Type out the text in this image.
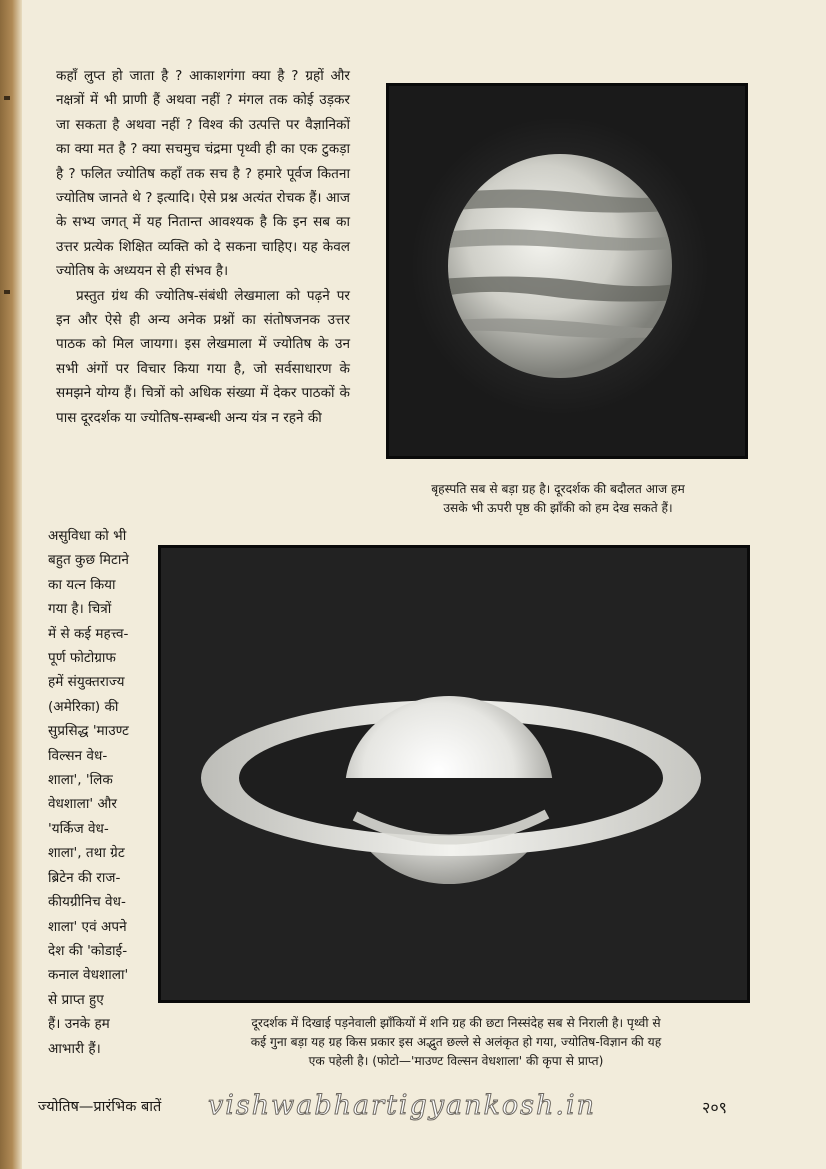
कहाँ लुप्त हो जाता है ? आकाशगंगा क्या है ? ग्रहों और नक्षत्रों में भी प्राणी हैं अथवा नहीं ? मंगल तक कोई उड़कर जा सकता है अथवा नहीं ? विश्व की उत्पत्ति पर वैज्ञानिकों का क्या मत है ? क्या सचमुच चंद्रमा पृथ्वी ही का एक टुकड़ा है ? फलित ज्योतिष कहाँ तक सच है ? हमारे पूर्वज कितना ज्योतिष जानते थे ? इत्यादि। ऐसे प्रश्न अत्यंत रोचक हैं। आज के सभ्य जगत् में यह नितान्त आवश्यक है कि इन सब का उत्तर प्रत्येक शिक्षित व्यक्ति को दे सकना चाहिए। यह केवल ज्योतिष के अध्ययन से ही संभव है।

प्रस्तुत ग्रंथ की ज्योतिष-संबंधी लेखमाला को पढ़ने पर इन और ऐसे ही अन्य अनेक प्रश्नों का संतोषजनक उत्तर पाठक को मिल जायगा। इस लेखमाला में ज्योतिष के उन सभी अंगों पर विचार किया गया है, जो सर्वसाधारण के समझने योग्य हैं। चित्रों को अधिक संख्या में देकर पाठकों के पास दूरदर्शक या ज्योतिष-सम्बन्धी अन्य यंत्र न रहने की

असुविधा को भी
बहुत कुछ मिटाने
का यत्न किया
गया है। चित्रों
में से कई महत्त्व-
पूर्ण फोटोग्राफ
हमें संयुक्तराज्य
(अमेरिका) की
सुप्रसिद्ध 'माउण्ट
विल्सन वेध-
शाला', 'लिक
वेधशाला' और
'यर्किज वेध-
शाला', तथा ग्रेट
ब्रिटेन की राज-
कीयग्रीनिच वेध-
शाला' एवं अपने
देश की 'कोडाई-
कनाल वेधशाला'
से प्राप्त हुए
हैं। उनके हम
आभारी हैं।
बृहस्पति सब से बड़ा ग्रह है। दूरदर्शक की बदौलत आज हम
उसके भी ऊपरी पृष्ठ की झाँकी को हम देख सकते हैं।
दूरदर्शक में दिखाई पड़नेवाली झाँकियों में शनि ग्रह की छटा निस्संदेह सब से निराली है। पृथ्वी से
कई गुना बड़ा यह ग्रह किस प्रकार इस अद्भुत छल्ले से अलंकृत हो गया, ज्योतिष-विज्ञान की यह
एक पहेली है। (फोटो—'माउण्ट विल्सन वेधशाला' की कृपा से प्राप्त)
ज्योतिष—प्रारंभिक बातें vishwabhartigyankosh.in	२०९
